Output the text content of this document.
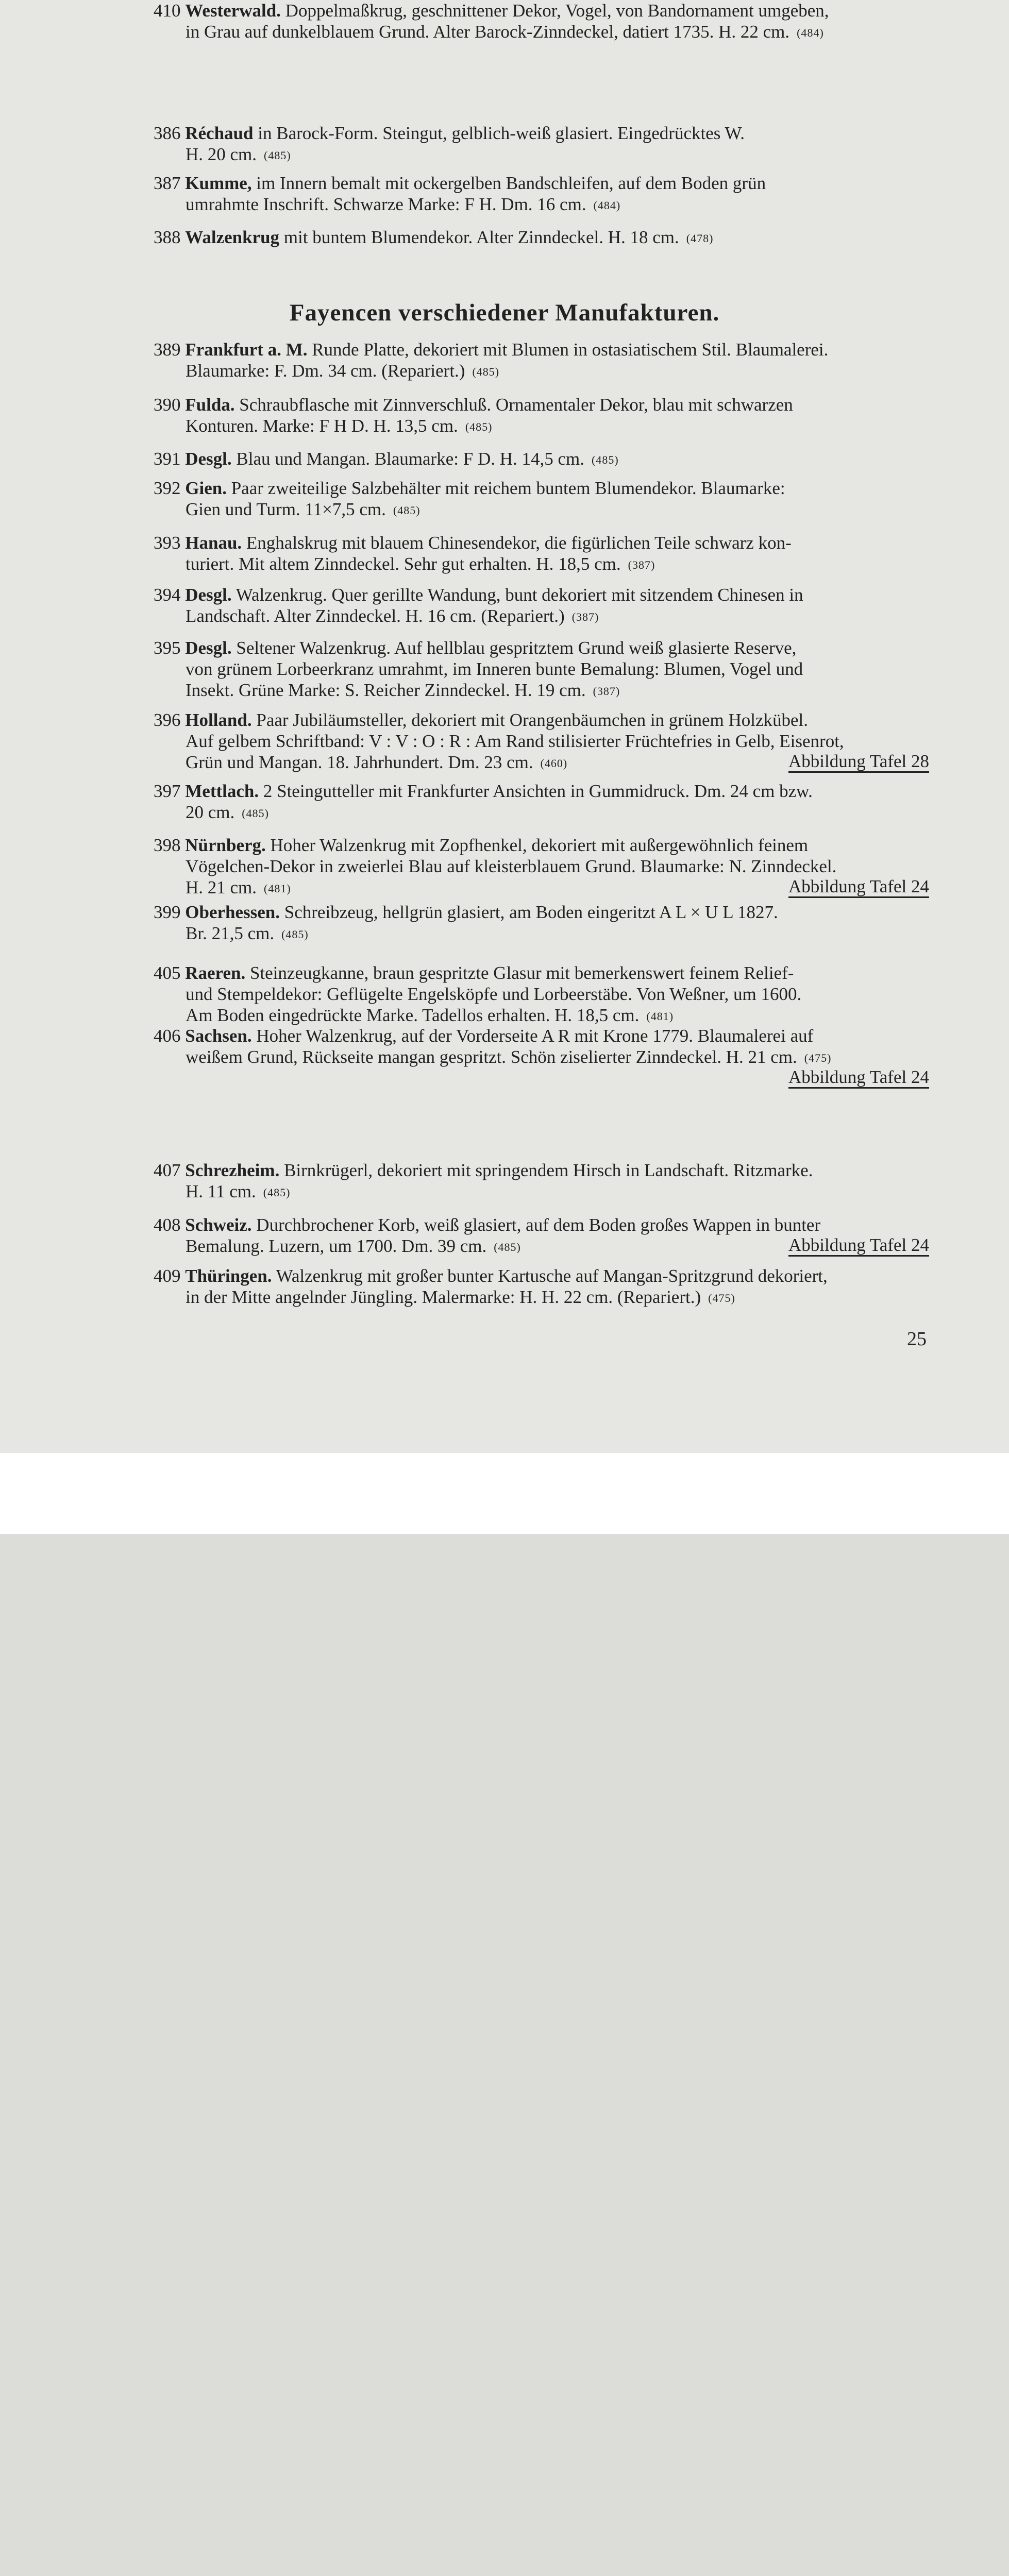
386 Réchaud in Barock-Form. Steingut, gelblich-weiß glasiert. Eingedrücktes W.
H. 20 cm. (485)
387 Kumme, im Innern bemalt mit ockergelben Bandschleifen, auf dem Boden grün
umrahmte Inschrift. Schwarze Marke: F H. Dm. 16 cm. (484)
388 Walzenkrug mit buntem Blumendekor. Alter Zinndeckel. H. 18 cm. (478)
389 Frankfurt a. M. Runde Platte, dekoriert mit Blumen in ostasiatischem Stil. Blaumalerei.
Blaumarke: F. Dm. 34 cm. (Repariert.) (485)
390 Fulda. Schraubflasche mit Zinnverschluß. Ornamentaler Dekor, blau mit schwarzen
Konturen. Marke: F H D. H. 13,5 cm. (485)
391 Desgl. Blau und Mangan. Blaumarke: F D. H. 14,5 cm. (485)
392 Gien. Paar zweiteilige Salzbehälter mit reichem buntem Blumendekor. Blaumarke:
Gien und Turm. 11×7,5 cm. (485)
393 Hanau. Enghalskrug mit blauem Chinesendekor, die figürlichen Teile schwarz kon-
turiert. Mit altem Zinndeckel. Sehr gut erhalten. H. 18,5 cm. (387)
394 Desgl. Walzenkrug. Quer gerillte Wandung, bunt dekoriert mit sitzendem Chinesen in
Landschaft. Alter Zinndeckel. H. 16 cm. (Repariert.) (387)
395 Desgl. Seltener Walzenkrug. Auf hellblau gespritztem Grund weiß glasierte Reserve,
von grünem Lorbeerkranz umrahmt, im Inneren bunte Bemalung: Blumen, Vogel und
Insekt. Grüne Marke: S. Reicher Zinndeckel. H. 19 cm. (387)
396 Holland. Paar Jubiläumsteller, dekoriert mit Orangenbäumchen in grünem Holzkübel.
Auf gelbem Schriftband: V : V : O : R : Am Rand stilisierter Früchtefries in Gelb, Eisenrot,
Grün und Mangan. 18. Jahrhundert. Dm. 23 cm. (460)	Abbildung Tafel 28
397 Mettlach. 2 Steingutteller mit Frankfurter Ansichten in Gummidruck. Dm. 24 cm bzw.
20 cm. (485)
398 Nürnberg. Hoher Walzenkrug mit Zopfhenkel, dekoriert mit außergewöhnlich feinem
Vögelchen-Dekor in zweierlei Blau auf kleisterblauem Grund. Blaumarke: N. Zinndeckel.
H. 21 cm. (481)	Abbildung Tafel 24
399 Oberhessen. Schreibzeug, hellgrün glasiert, am Boden eingeritzt A L × U L 1827.
Br. 21,5 cm. (485)
405 Raeren. Steinzeugkanne, braun gespritzte Glasur mit bemerkenswert feinem Relief-
und Stempeldekor: Geflügelte Engelsköpfe und Lorbeerstäbe. Von Weßner, um 1600.
Am Boden eingedrückte Marke. Tadellos erhalten. H. 18,5 cm. (481)
406 Sachsen. Hoher Walzenkrug, auf der Vorderseite A R mit Krone 1779. Blaumalerei auf
weißem Grund, Rückseite mangan gespritzt. Schön ziselierter Zinndeckel. H. 21 cm. (475)
Abbildung Tafel 24
407 Schrezheim. Birnkrügerl, dekoriert mit springendem Hirsch in Landschaft. Ritzmarke.
H. 11 cm. (485)
408 Schweiz. Durchbrochener Korb, weiß glasiert, auf dem Boden großes Wappen in bunter
Bemalung. Luzern, um 1700. Dm. 39 cm. (485)	Abbildung Tafel 24
409 Thüringen. Walzenkrug mit großer bunter Kartusche auf Mangan-Spritzgrund dekoriert,
in der Mitte angelnder Jüngling. Malermarke: H. H. 22 cm. (Repariert.) (475)
410 Westerwald. Doppelmaßkrug, geschnittener Dekor, Vogel, von Bandornament umgeben,
in Grau auf dunkelblauem Grund. Alter Barock-Zinndeckel, datiert 1735. H. 22 cm. (484)
Fayencen verschiedener Manufakturen.
25
